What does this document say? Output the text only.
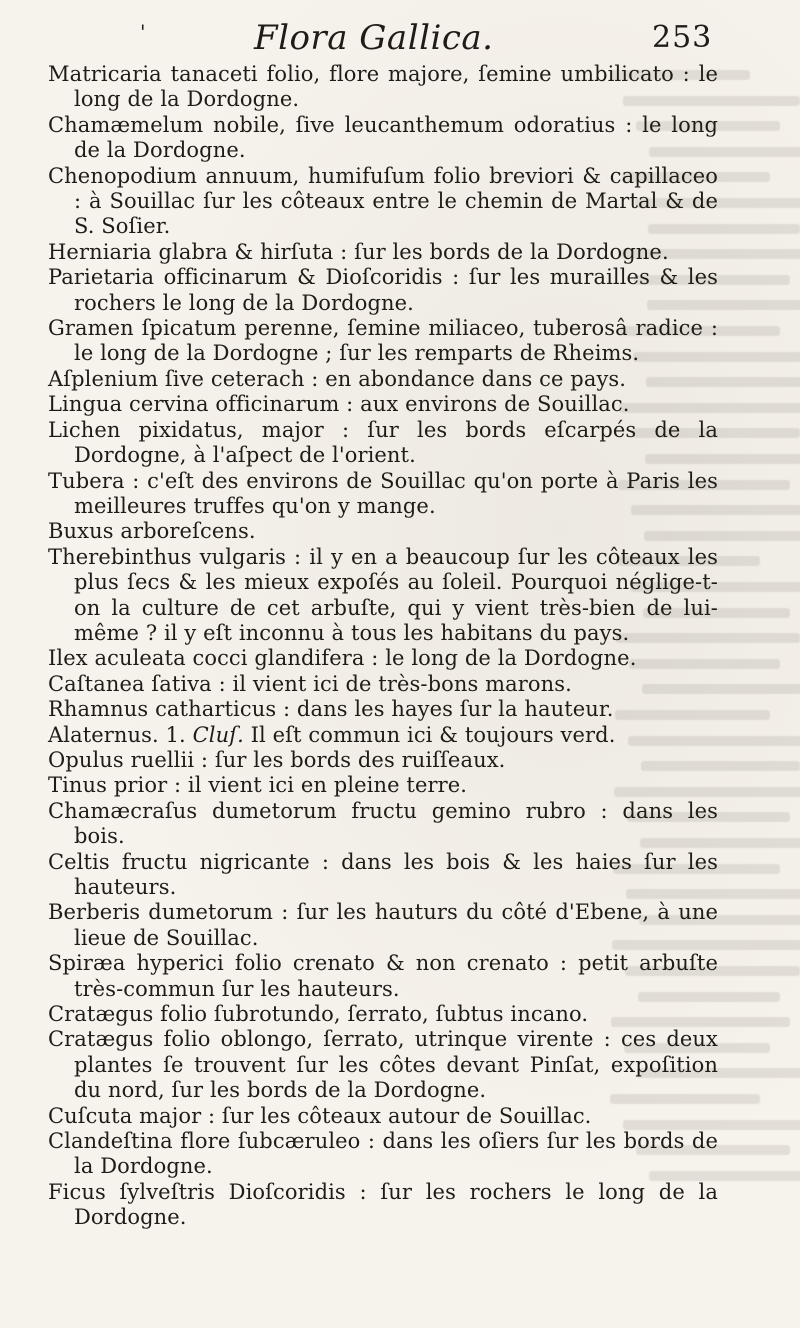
'	Flora Gallica.	253

Matricaria tanaceti folio, flore majore, ſemine umbilicato : le long de la Dordogne.

Chamæmelum nobile, ſive leucanthemum odoratius : le long de la Dordogne.

Chenopodium annuum, humifuſum folio breviori & capillaceo : à Souillac ſur les côteaux entre le chemin de Martal & de S. Soſier.

Herniaria glabra & hirſuta : ſur les bords de la Dordogne.

Parietaria officinarum & Dioſcoridis : ſur les murailles & les rochers le long de la Dordogne.

Gramen ſpicatum perenne, ſemine miliaceo, tuberosâ radice : le long de la Dordogne ; ſur les remparts de Rheims.

Aſplenium ſive ceterach : en abondance dans ce pays.

Lingua cervina officinarum : aux environs de Souillac.

Lichen pixidatus, major : ſur les bords eſcarpés de la Dordogne, à l'aſpect de l'orient.

Tubera : c'eſt des environs de Souillac qu'on porte à Paris les meilleures truffes qu'on y mange.

Buxus arboreſcens.

Therebinthus vulgaris : il y en a beaucoup ſur les côteaux les plus ſecs & les mieux expoſés au ſoleil. Pourquoi néglige-t-on la culture de cet arbuſte, qui y vient très-bien de lui-même ? il y eſt inconnu à tous les habitans du pays.

Ilex aculeata cocci glandifera : le long de la Dordogne.

Caſtanea ſativa : il vient ici de très-bons marons.

Rhamnus catharticus : dans les hayes ſur la hauteur.

Alaternus. 1. Cluſ. Il eſt commun ici & toujours verd.

Opulus ruellii : ſur les bords des ruiſſeaux.

Tinus prior : il vient ici en pleine terre.

Chamæcraſus dumetorum fructu gemino rubro : dans les bois.

Celtis fructu nigricante : dans les bois & les haies ſur les hauteurs.

Berberis dumetorum : ſur les hauturs du côté d'Ebene, à une lieue de Souillac.

Spiræa hyperici folio crenato & non crenato : petit arbuſte très-commun ſur les hauteurs.

Cratægus folio ſubrotundo, ſerrato, ſubtus incano.

Cratægus folio oblongo, ſerrato, utrinque virente : ces deux plantes ſe trouvent ſur les côtes devant Pinſat, expoſition du nord, ſur les bords de la Dordogne.

Cuſcuta major : ſur les côteaux autour de Souillac.

Clandeſtina flore ſubcæruleo : dans les oſiers ſur les bords de la Dordogne.

Ficus ſylveſtris Dioſcoridis : ſur les rochers le long de la Dordogne.
